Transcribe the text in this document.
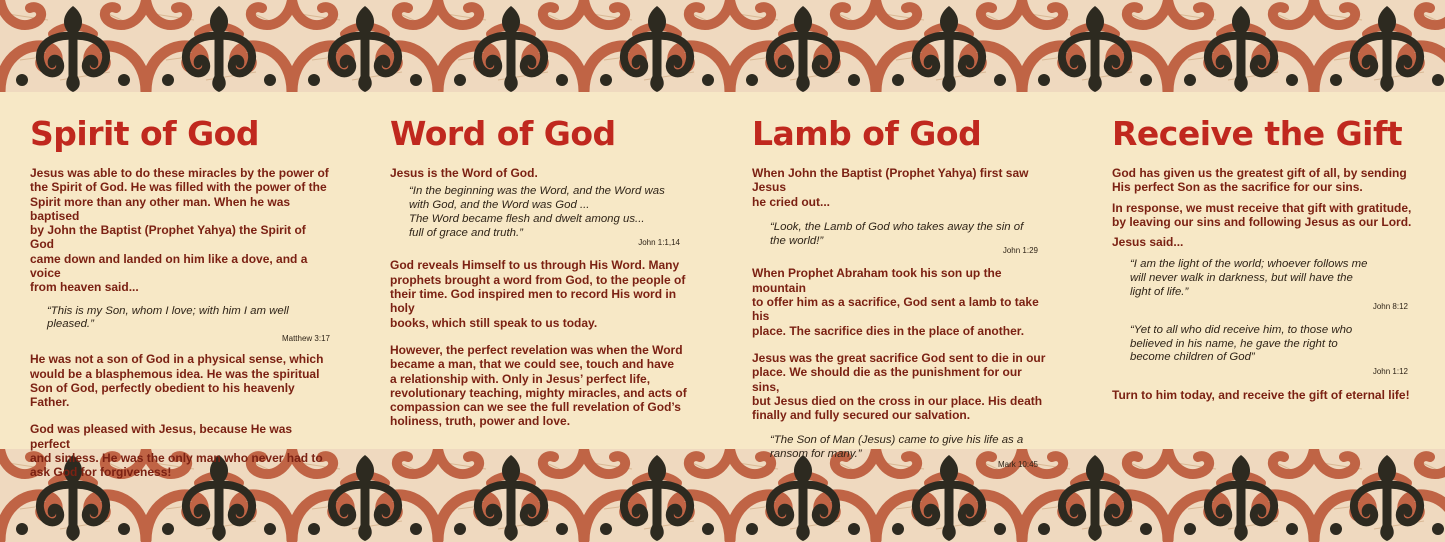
Spirit of God

Jesus was able to do these miracles by the power of
the Spirit of God. He was filled with the power of the
Spirit more than any other man. When he was baptised
by John the Baptist (Prophet Yahya) the Spirit of God
came down and landed on him like a dove, and a voice
from heaven said...

“This is my Son, whom I love; with him I am well
pleased.”

Matthew 3:17

He was not a son of God in a physical sense, which
would be a blasphemous idea. He was the spiritual
Son of God, perfectly obedient to his heavenly Father.

God was pleased with Jesus, because He was perfect
and sinless. He was the only man who never had to
ask God for forgiveness!

Word of God

Jesus is the Word of God.

“In the beginning was the Word, and the Word was
with God, and the Word was God ...
The Word became flesh and dwelt among us...
full of grace and truth.”

John 1:1,14

God reveals Himself to us through His Word. Many
prophets brought a word from God, to the people of
their time. God inspired men to record His word in holy
books, which still speak to us today.

However, the perfect revelation was when the Word
became a man, that we could see, touch and have
a relationship with. Only in Jesus’ perfect life,
revolutionary teaching, mighty miracles, and acts of
compassion can we see the full revelation of God’s
holiness, truth, power and love.

Lamb of God

When John the Baptist (Prophet Yahya) first saw Jesus
he cried out...

“Look, the Lamb of God who takes away the sin of
the world!”

John 1:29

When Prophet Abraham took his son up the mountain
to offer him as a sacrifice, God sent a lamb to take his
place. The sacrifice dies in the place of another.

Jesus was the great sacrifice God sent to die in our
place. We should die as the punishment for our sins,
but Jesus died on the cross in our place. His death
finally and fully secured our salvation.

“The Son of Man (Jesus) came to give his life as a
ransom for many.”

Mark 10:45

Receive the Gift

God has given us the greatest gift of all, by sending
His perfect Son as the sacrifice for our sins.

In response, we must receive that gift with gratitude,
by leaving our sins and following Jesus as our Lord.

Jesus said...

“I am the light of the world; whoever follows me
will never walk in darkness, but will have the
light of life.”

John 8:12

“Yet to all who did receive him, to those who
believed in his name, he gave the right to
become children of God”

John 1:12

Turn to him today, and receive the gift of eternal life!
